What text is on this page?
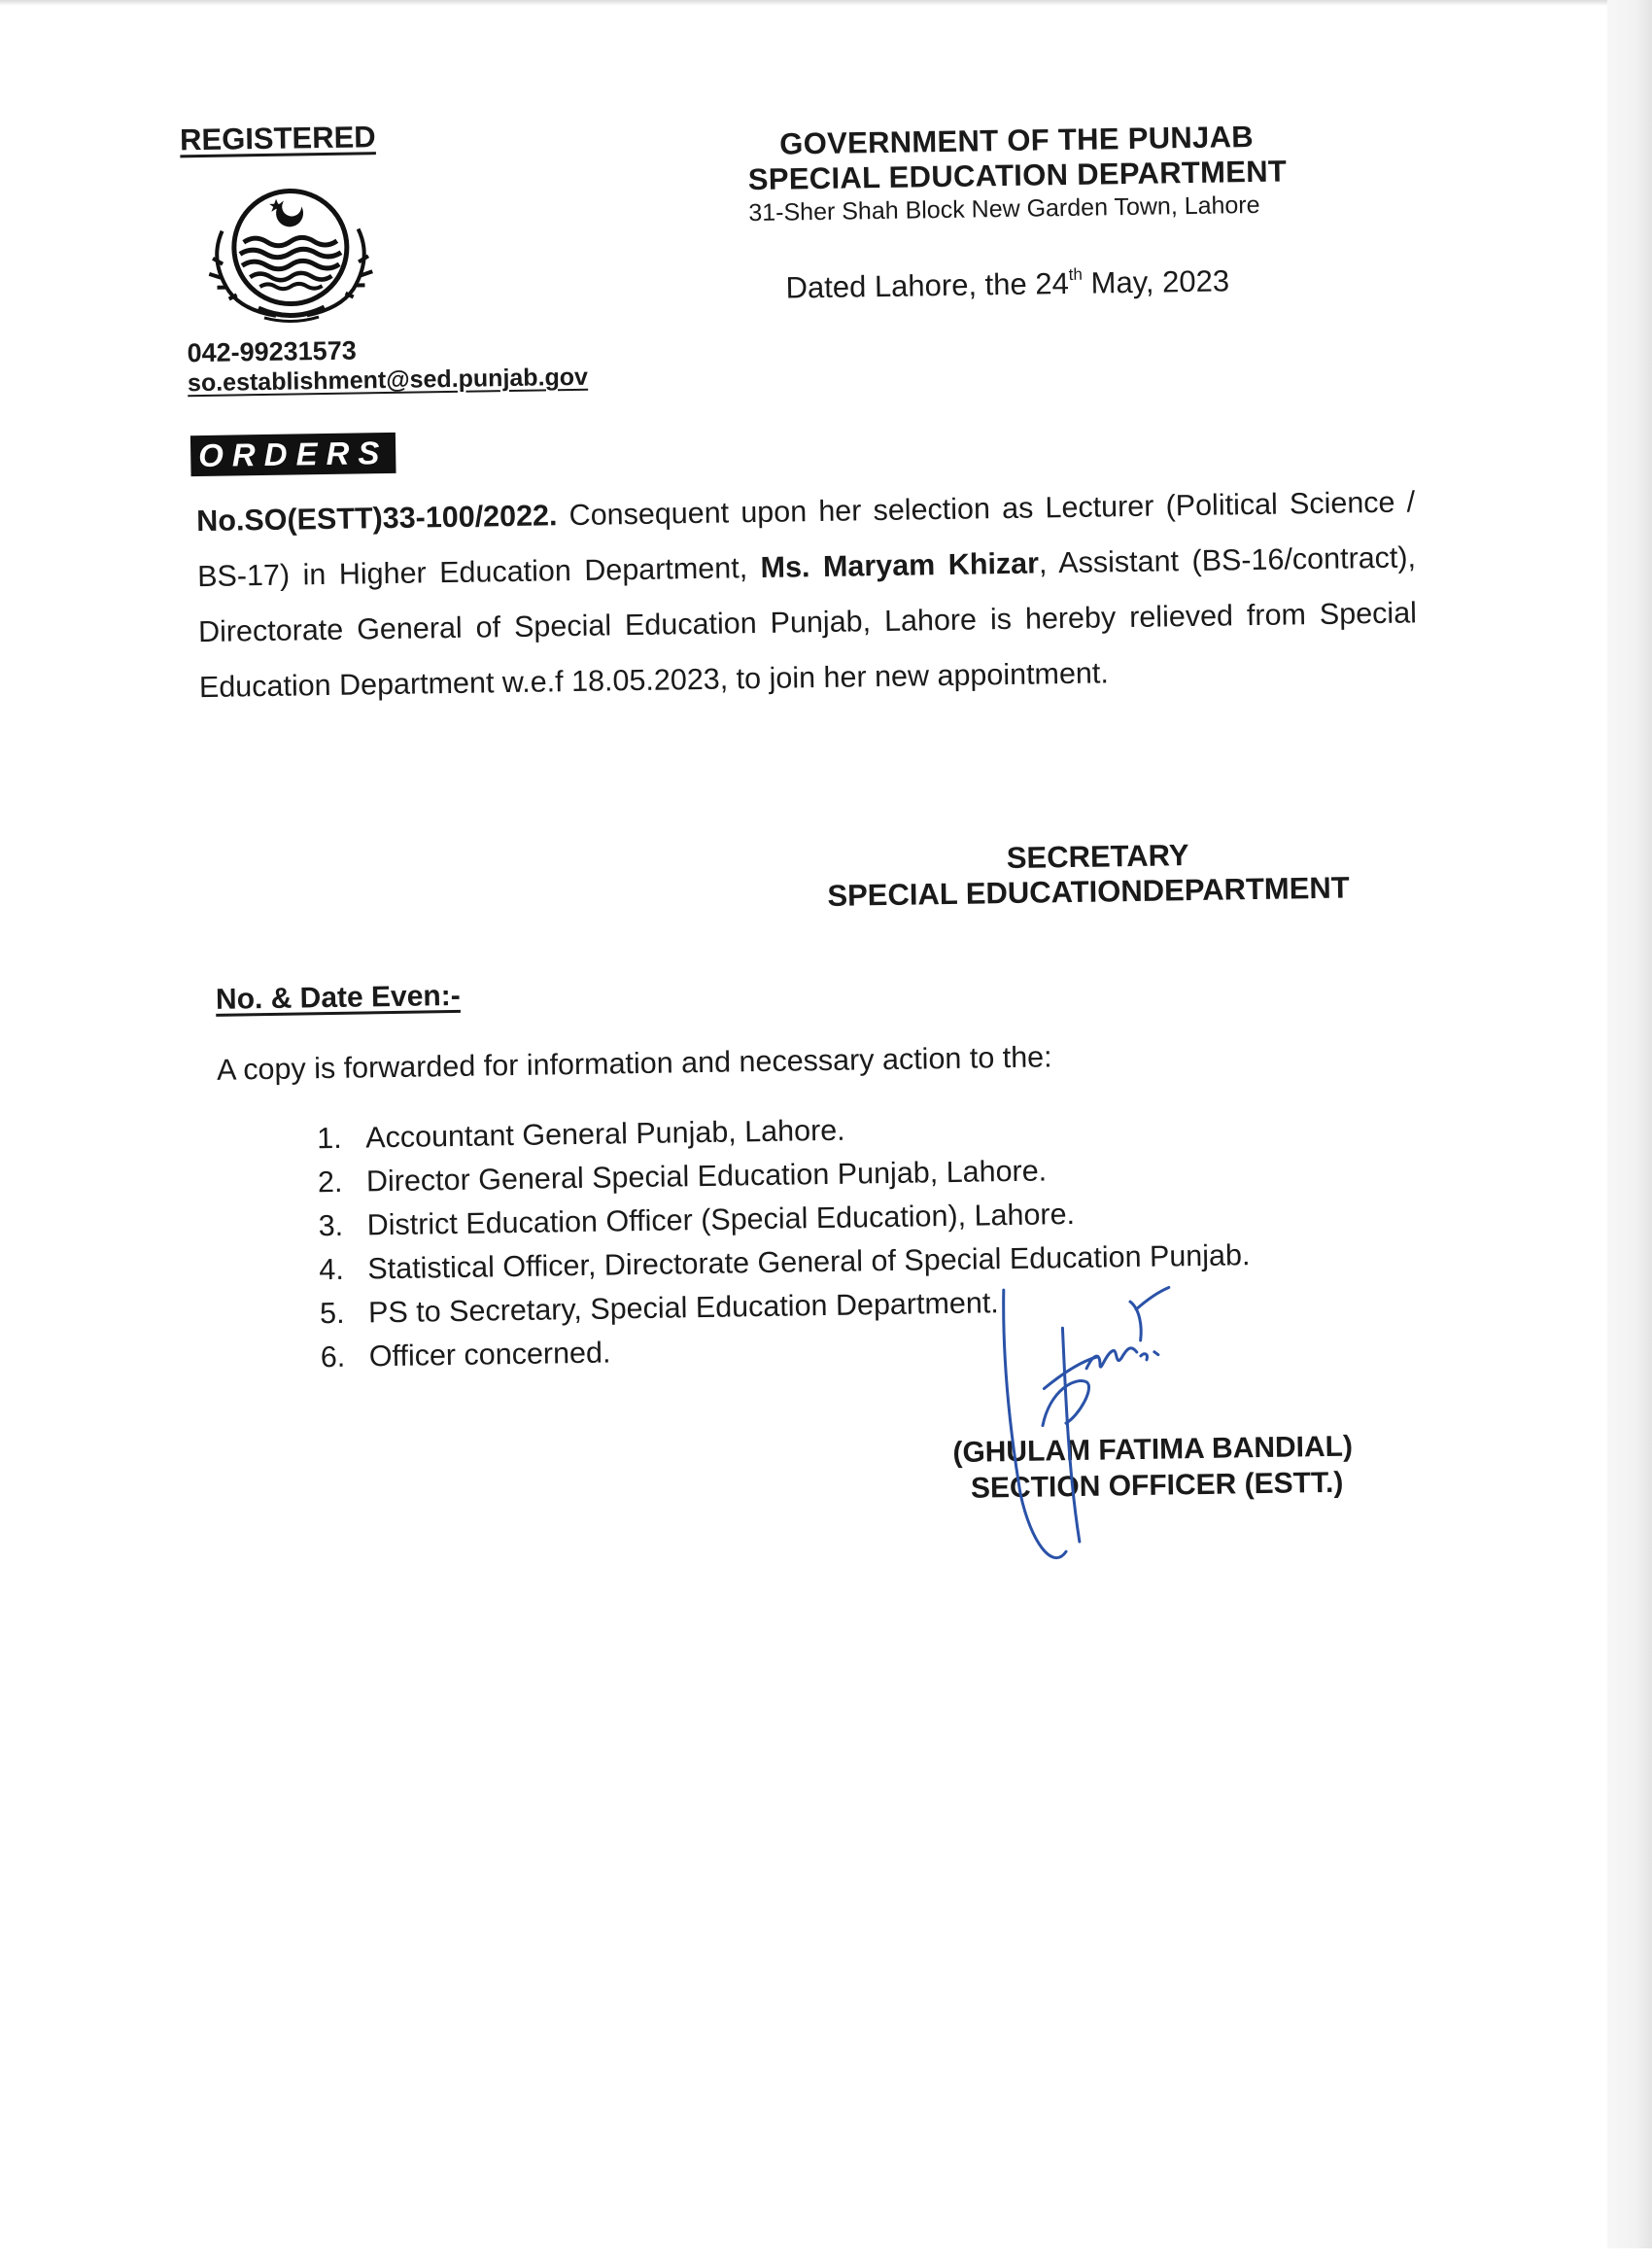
REGISTERED
042-99231573
so.establishment@sed.punjab.gov
GOVERNMENT OF THE PUNJAB
SPECIAL EDUCATION DEPARTMENT
31-Sher Shah Block New Garden Town, Lahore
Dated Lahore, the 24th May, 2023
ORDERS
No.SO(ESTT)33-100/2022. Consequent upon her selection as Lecturer (Political Science / BS-17) in Higher Education Department, Ms. Maryam Khizar, Assistant (BS-16/contract), Directorate General of Special Education Punjab, Lahore is hereby relieved from Special Education Department w.e.f 18.05.2023, to join her new appointment.
SECRETARY
SPECIAL EDUCATIONDEPARTMENT
No. & Date Even:-
A copy is forwarded for information and necessary action to the:
1. Accountant General Punjab, Lahore.
2. Director General Special Education Punjab, Lahore.
3. District Education Officer (Special Education), Lahore.
4. Statistical Officer, Directorate General of Special Education Punjab.
5. PS to Secretary, Special Education Department.
6. Officer concerned.
(GHULAM FATIMA BANDIAL)
SECTION OFFICER (ESTT.)
